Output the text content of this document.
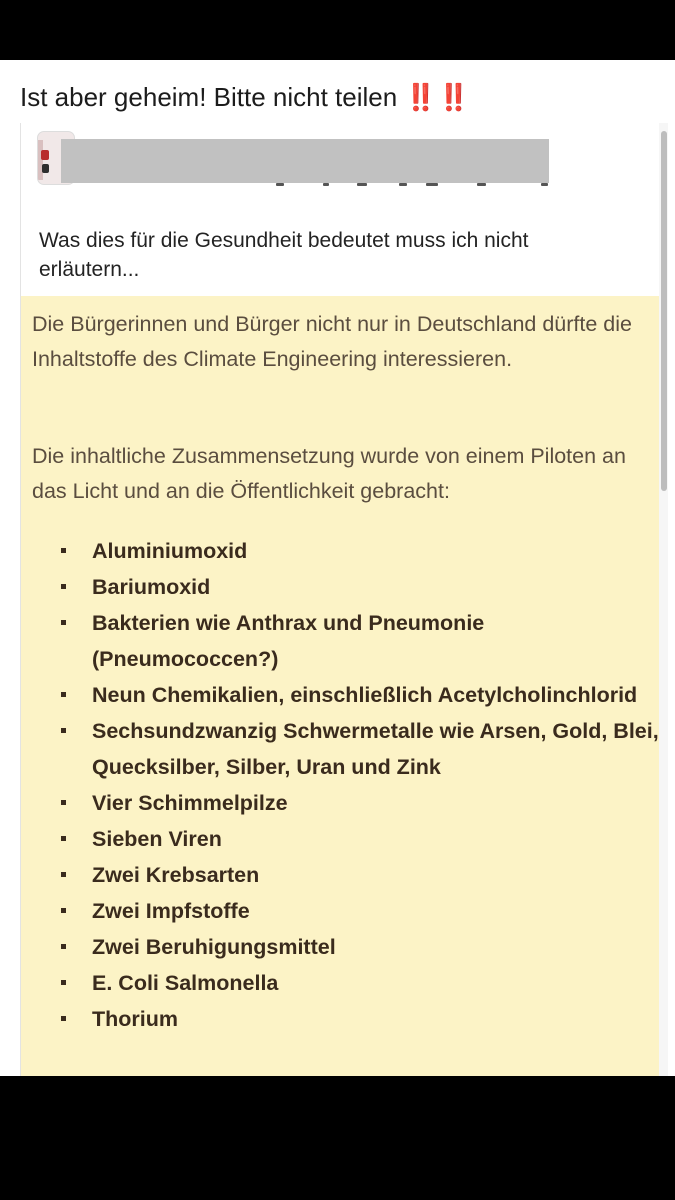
Ist aber geheim! Bitte nicht teilen ‼️‼️
Was dies für die Gesundheit bedeutet muss ich nicht erläutern...
Die Bürgerinnen und Bürger nicht nur in Deutschland dürfte die Inhaltstoffe des Climate Engineering interessieren.
Die inhaltliche Zusammensetzung wurde von einem Piloten an das Licht und an die Öffentlichkeit gebracht:
Aluminiumoxid
Bariumoxid
Bakterien wie Anthrax und Pneumonie (Pneumococcen?)
Neun Chemikalien, einschließlich Acetylcholinchlorid
Sechsundzwanzig Schwermetalle wie Arsen, Gold, Blei, Quecksilber, Silber, Uran und Zink
Vier Schimmelpilze
Sieben Viren
Zwei Krebsarten
Zwei Impfstoffe
Zwei Beruhigungsmittel
E. Coli Salmonella
Thorium
